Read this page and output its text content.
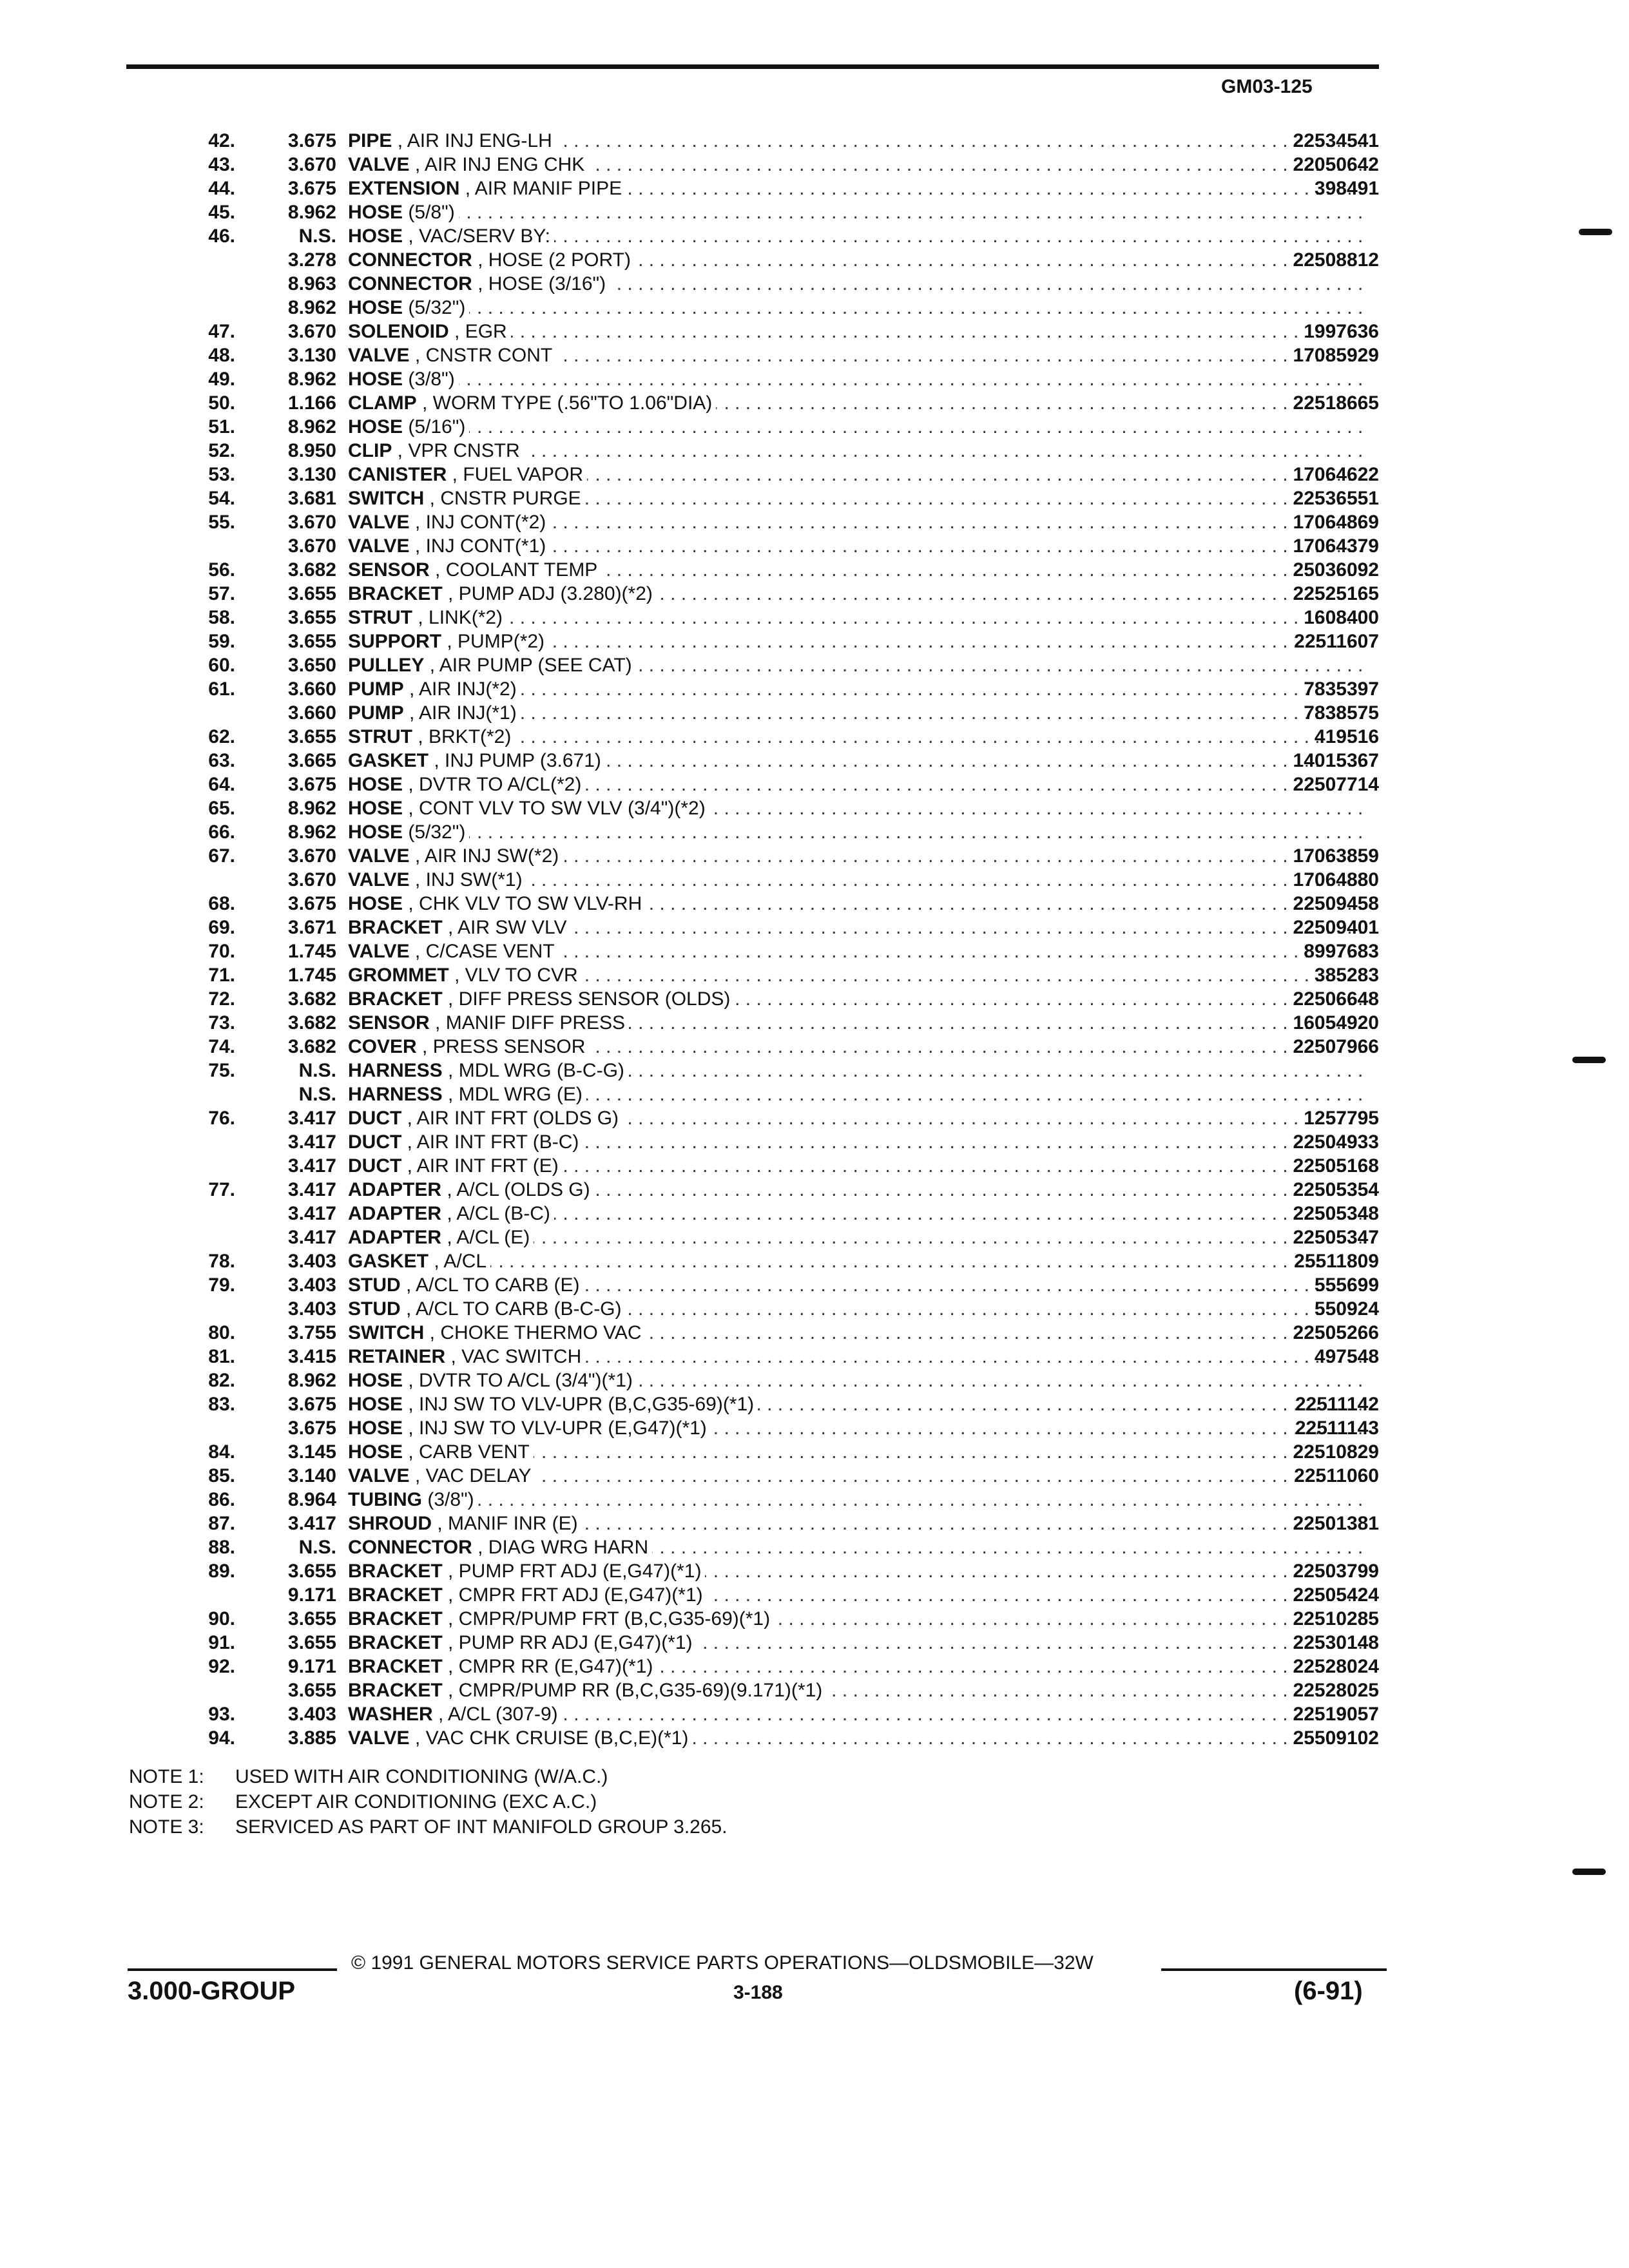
GM03-125
42.	3.675 PIPE , AIR INJ ENG-LH . . .	22534541
43.	3.670 VALVE , AIR INJ ENG CHK . . .	22050642
44.	3.675 EXTENSION , AIR MANIF PIPE . . .	398491
45.	8.962 HOSE (5/8") . . .
46.	N.S. HOSE , VAC/SERV BY: . . .
3.278 CONNECTOR , HOSE (2 PORT) . . .	22508812
8.963 CONNECTOR , HOSE (3/16") . . .
8.962 HOSE (5/32") . . .
47.	3.670 SOLENOID , EGR . . .	1997636
48.	3.130 VALVE , CNSTR CONT . . .	17085929
49.	8.962 HOSE (3/8") . . .
50.	1.166 CLAMP , WORM TYPE (.56"TO 1.06"DIA) . . .	22518665
51.	8.962 HOSE (5/16") . . .
52.	8.950 CLIP , VPR CNSTR . . .
53.	3.130 CANISTER , FUEL VAPOR . . .	17064622
54.	3.681 SWITCH , CNSTR PURGE . . .	22536551
55.	3.670 VALVE , INJ CONT(*2) . . .	17064869
3.670 VALVE , INJ CONT(*1) . . .	17064379
56.	3.682 SENSOR , COOLANT TEMP . . .	25036092
57.	3.655 BRACKET , PUMP ADJ (3.280)(*2) . . .	22525165
58.	3.655 STRUT , LINK(*2) . . .	1608400
59.	3.655 SUPPORT , PUMP(*2) . . .	22511607
60.	3.650 PULLEY , AIR PUMP (SEE CAT) . . .
61.	3.660 PUMP , AIR INJ(*2) . . .	7835397
3.660 PUMP , AIR INJ(*1) . . .	7838575
62.	3.655 STRUT , BRKT(*2) . . .	419516
63.	3.665 GASKET , INJ PUMP (3.671) . . .	14015367
64.	3.675 HOSE , DVTR TO A/CL(*2) . . .	22507714
65.	8.962 HOSE , CONT VLV TO SW VLV (3/4")(*2) . . .
66.	8.962 HOSE (5/32") . . .
67.	3.670 VALVE , AIR INJ SW(*2) . . .	17063859
3.670 VALVE , INJ SW(*1) . . .	17064880
68.	3.675 HOSE , CHK VLV TO SW VLV-RH . . .	22509458
69.	3.671 BRACKET , AIR SW VLV . . .	22509401
70.	1.745 VALVE , C/CASE VENT . . .	8997683
71.	1.745 GROMMET , VLV TO CVR . . .	385283
72.	3.682 BRACKET , DIFF PRESS SENSOR (OLDS) . . .	22506648
73.	3.682 SENSOR , MANIF DIFF PRESS . . .	16054920
74.	3.682 COVER , PRESS SENSOR . . .	22507966
75.	N.S. HARNESS , MDL WRG (B-C-G) . . .
N.S. HARNESS , MDL WRG (E) . . .
76.	3.417 DUCT , AIR INT FRT (OLDS G) . . .	1257795
3.417 DUCT , AIR INT FRT (B-C) . . .	22504933
3.417 DUCT , AIR INT FRT (E) . . .	22505168
77.	3.417 ADAPTER , A/CL (OLDS G) . . .	22505354
3.417 ADAPTER , A/CL (B-C) . . .	22505348
3.417 ADAPTER , A/CL (E) . . .	22505347
78.	3.403 GASKET , A/CL . . .	25511809
79.	3.403 STUD , A/CL TO CARB (E) . . .	555699
3.403 STUD , A/CL TO CARB (B-C-G) . . .	550924
80.	3.755 SWITCH , CHOKE THERMO VAC . . .	22505266
81.	3.415 RETAINER , VAC SWITCH . . .	497548
82.	8.962 HOSE , DVTR TO A/CL (3/4")(*1) . . .
83.	3.675 HOSE , INJ SW TO VLV-UPR (B,C,G35-69)(*1) . . .	22511142
3.675 HOSE , INJ SW TO VLV-UPR (E,G47)(*1) . . .	22511143
84.	3.145 HOSE , CARB VENT . . .	22510829
85.	3.140 VALVE , VAC DELAY . . .	22511060
86.	8.964 TUBING (3/8") . . .
87.	3.417 SHROUD , MANIF INR (E) . . .	22501381
88.	N.S. CONNECTOR , DIAG WRG HARN . . .
89.	3.655 BRACKET , PUMP FRT ADJ (E,G47)(*1) . . .	22503799
9.171 BRACKET , CMPR FRT ADJ (E,G47)(*1) . . .	22505424
90.	3.655 BRACKET , CMPR/PUMP FRT (B,C,G35-69)(*1) . . .	22510285
91.	3.655 BRACKET , PUMP RR ADJ (E,G47)(*1) . . .	22530148
92.	9.171 BRACKET , CMPR RR (E,G47)(*1) . . .	22528024
3.655 BRACKET , CMPR/PUMP RR (B,C,G35-69)(9.171)(*1) . . .	22528025
93.	3.403 WASHER , A/CL (307-9) . . .	22519057
94.	3.885 VALVE , VAC CHK CRUISE (B,C,E)(*1) . . .	25509102
NOTE 1: USED WITH AIR CONDITIONING (W/A.C.)
NOTE 2: EXCEPT AIR CONDITIONING (EXC A.C.)
NOTE 3: SERVICED AS PART OF INT MANIFOLD GROUP 3.265.
© 1991 GENERAL MOTORS SERVICE PARTS OPERATIONS—OLDSMOBILE—32W
3.000-GROUP	3-188	(6-91)
